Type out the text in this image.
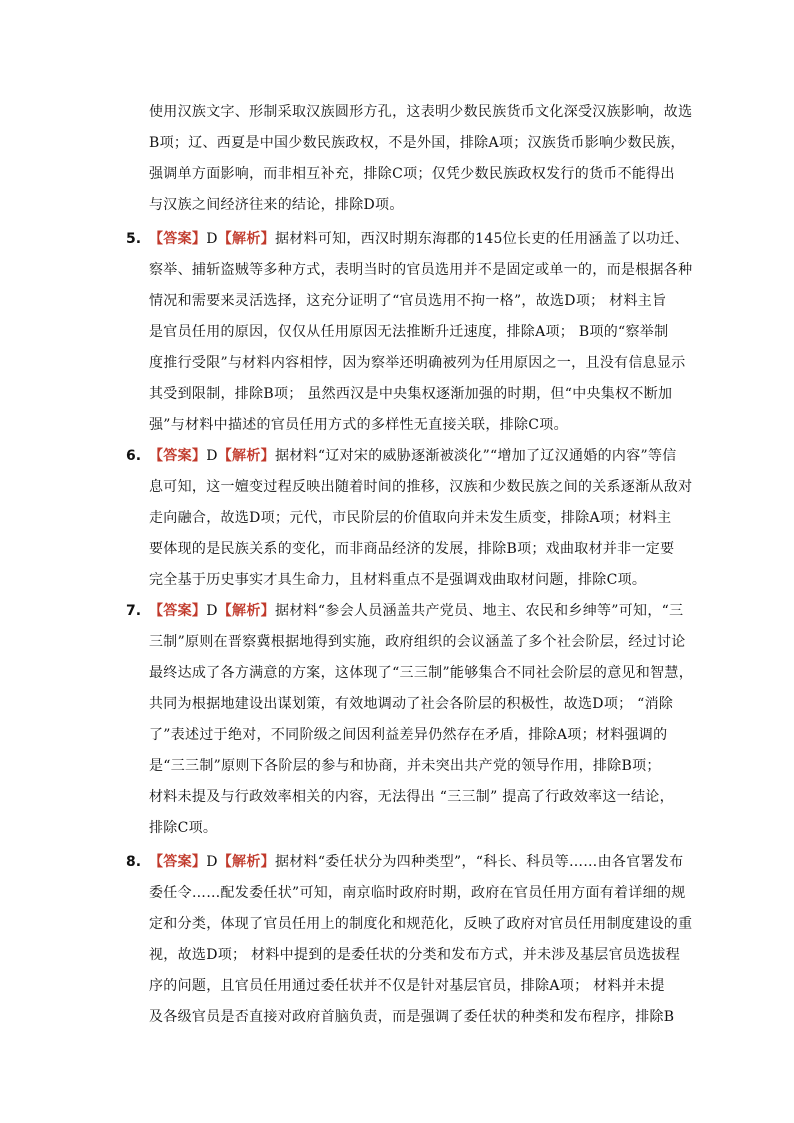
使用汉族文字、形制采取汉族圆形方孔，这表明少数民族货币文化深受汉族影响，故选
B项；辽、西夏是中国少数民族政权，不是外国，排除A项；汉族货币影响少数民族，
强调单方面影响，而非相互补充，排除C项；仅凭少数民族政权发行的货币不能得出
与汉族之间经济往来的结论，排除D项。
5. 【答案】D【解析】据材料可知，西汉时期东海郡的145位长吏的任用涵盖了以功迁、
察举、捕斩盗贼等多种方式，表明当时的官员选用并不是固定或单一的，而是根据各种
情况和需要来灵活选择，这充分证明了“官员选用不拘一格”，故选D项； 材料主旨
是官员任用的原因，仅仅从任用原因无法推断升迁速度，排除A项； B项的“察举制
度推行受限”与材料内容相悖，因为察举还明确被列为任用原因之一，且没有信息显示
其受到限制，排除B项； 虽然西汉是中央集权逐渐加强的时期，但“中央集权不断加
强”与材料中描述的官员任用方式的多样性无直接关联，排除C项。
6. 【答案】D【解析】据材料“辽对宋的威胁逐渐被淡化”“增加了辽汉通婚的内容”等信
息可知，这一嬗变过程反映出随着时间的推移，汉族和少数民族之间的关系逐渐从敌对
走向融合，故选D项；元代，市民阶层的价值取向并未发生质变，排除A项；材料主
要体现的是民族关系的变化，而非商品经济的发展，排除B项；戏曲取材并非一定要
完全基于历史事实才具生命力，且材料重点不是强调戏曲取材问题，排除C项。
7. 【答案】D【解析】据材料“参会人员涵盖共产党员、地主、农民和乡绅等”可知，“三
三制”原则在晋察冀根据地得到实施，政府组织的会议涵盖了多个社会阶层，经过讨论
最终达成了各方满意的方案，这体现了“三三制”能够集合不同社会阶层的意见和智慧，
共同为根据地建设出谋划策，有效地调动了社会各阶层的积极性，故选D项； “消除
了”表述过于绝对，不同阶级之间因利益差异仍然存在矛盾，排除A项；材料强调的
是“三三制”原则下各阶层的参与和协商，并未突出共产党的领导作用，排除B项；
材料未提及与行政效率相关的内容，无法得出 “三三制” 提高了行政效率这一结论，
排除C项。
8. 【答案】D【解析】据材料“委任状分为四种类型”，“科长、科员等……由各官署发布
委任令……配发委任状”可知，南京临时政府时期，政府在官员任用方面有着详细的规
定和分类，体现了官员任用上的制度化和规范化，反映了政府对官员任用制度建设的重
视，故选D项； 材料中提到的是委任状的分类和发布方式，并未涉及基层官员选拔程
序的问题，且官员任用通过委任状并不仅是针对基层官员，排除A项； 材料并未提
及各级官员是否直接对政府首脑负责，而是强调了委任状的种类和发布程序，排除B
